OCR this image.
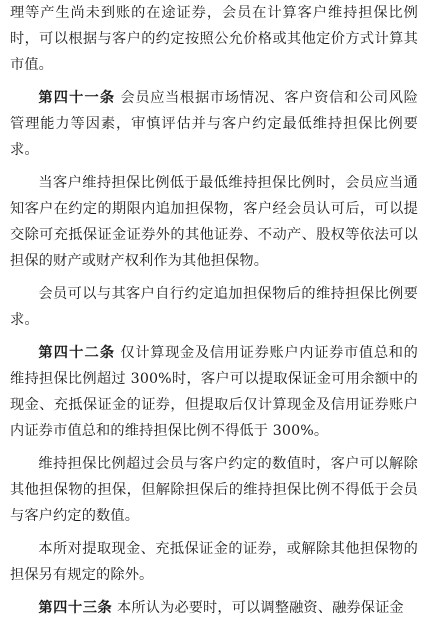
理等产生尚未到账的在途证券，会员在计算客户维持担保比例时，可以根据与客户的约定按照公允价格或其他定价方式计算其市值。

第四十一条 会员应当根据市场情况、客户资信和公司风险管理能力等因素，审慎评估并与客户约定最低维持担保比例要求。

当客户维持担保比例低于最低维持担保比例时，会员应当通知客户在约定的期限内追加担保物，客户经会员认可后，可以提交除可充抵保证金证券外的其他证券、不动产、股权等依法可以担保的财产或财产权利作为其他担保物。

会员可以与其客户自行约定追加担保物后的维持担保比例要求。

第四十二条 仅计算现金及信用证券账户内证券市值总和的维持担保比例超过 300%时，客户可以提取保证金可用余额中的现金、充抵保证金的证券，但提取后仅计算现金及信用证券账户内证券市值总和的维持担保比例不得低于 300%。

维持担保比例超过会员与客户约定的数值时，客户可以解除其他担保物的担保，但解除担保后的维持担保比例不得低于会员与客户约定的数值。

本所对提取现金、充抵保证金的证券，或解除其他担保物的担保另有规定的除外。

第四十三条 本所认为必要时，可以调整融资、融券保证金
